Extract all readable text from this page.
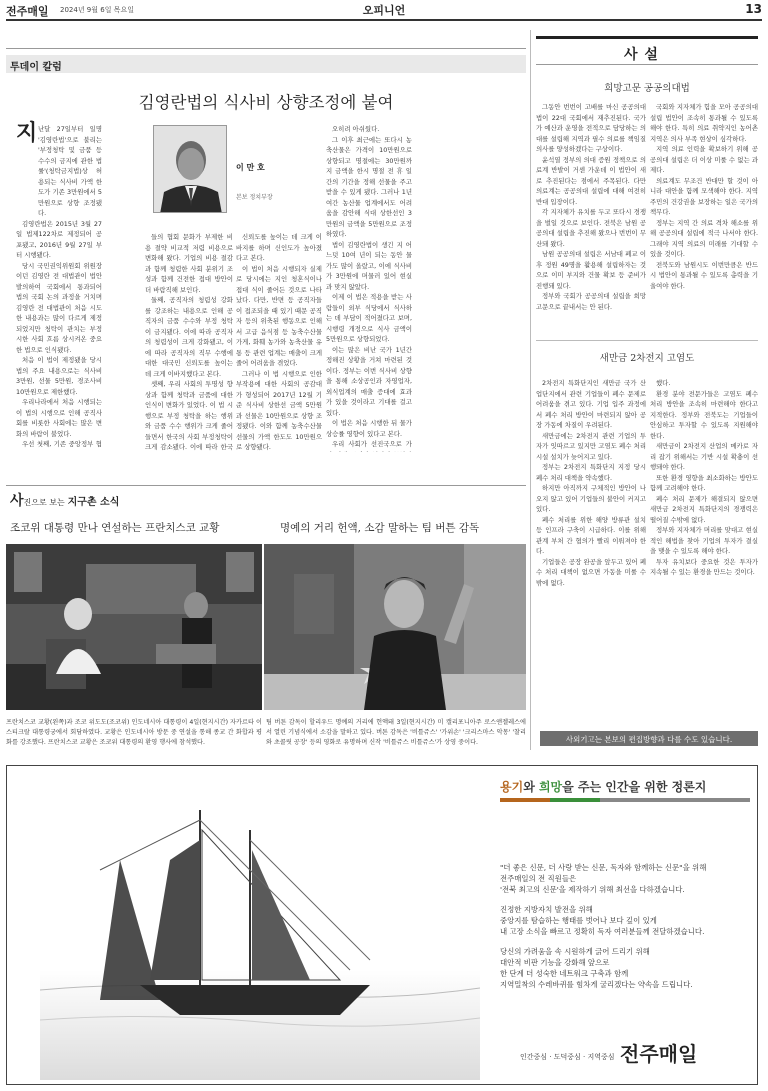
전주매일 2024년 9월 6일 목요일	오피니언	13
투데이 칼럼
김영란법의 식사비 상향조정에 붙여
지 난달 27일부터 일명 '김영란법'으로 불리는 '부정청탁 및 금품 등 수수의 금지에 관한 법률'(청탁금지법)상 허용되는 식사비 가액 한도가 기존 3만원에서 5만원으로 상향 조정됐다.

김영란법은 2015년 3월 27일 법제122차로 제정되어 공포됐고, 2016년 9월 27일 부터 시행됐다.

당시 국민권익위원회 위원장이던 김영란 전 대법관이 법안 발의하여 국회에서 통과되어 법의 국회 논의 과정을 거치며 김영란 전 대법관이 처음 시도한 내용과는 많이 다르게 제정되었지만 청탁이 관치는 부정시한 사회 흐름 상시켜온 중요한 법으로 인식됐다.

처음 이 법이 제정됐을 당시 법의 주요 내용으로는 식사비 3만원, 선물 5만원, 경조사비 10만원으로 제한했다.

우리나라에서 처음 시행되는 이 법의 시행으로 인해 공직사회를 비롯한 사회에는 많은 변화의 바람이 불었다.

우선 첫째, 기존 중앙정부 협

이 만 호
본보 정치부장

들의 협회 문화가 부제한 비용 절약 비교적 저렴 비용으로 변화해 왔다. 기업의 비용 절감과 함께 청렴한 사회 분위기 조성과 함께 건전한 접대 방안이 더 바람직해 보인다.

둘째, 공직자의 청렴성 강화를 강조하는 내용으로 인해 공직자의 금품 수수와 부정 청탁이 금지됐다. 이에 따라 공직자의 청렴성이 크게 강화됐고, 이에 따라 공직자의 직무 수행에 대한 대국민 신뢰도를 높이는 데 크게 이바지했다고 본다.

셋째, 우리 사회의 투명성 향상과 함께 청탁과 금품에 대한 인식이 변화가 있었다. 이 법 시행으로 부정 청탁을 하는 행위와 금품 수수 행위가 크게 줄어들면서 한국의 사회 부정청탁이 크게 감소됐다. 이에 따라 한국

신뢰도를 높이는 데 크게 이바지를 하며 신인도가 높아졌다고 본다.

이 법이 처음 시행되자 실제로 당시에는 지인 청혼식이나 접대 식이 줄어든 것으로 나타났다. 다만, 반면 등 공직자들이 접조되을 때 있기 때문 공직자 등의 위축된 행동으로 인해서 고급 음식점 등 농축수산물 가게, 화훼 농가와 농축산물 유통 등 관련 업계는 매출이 크게 줄어 어려움을 겪었다.

그러나 이 법 시행으로 인한 부작용에 대한 사회의 공감대가 형성되어 2017년 12월 기준 식사비 상한선 금액 5만원과 선물은 10만원으로 상향 조정됐다. 이와 함께 농축수산물 선물의 가액 한도도 10만원으로 상향됐다.

오히려 아쉬웠다.

그 이후 최근에는 또다시 농축산물은 가격이 10만원으로 상향되고 명절에는 30만원까지 금액을 한시 명절 전 휴 일간의 기간을 정해 선물을 주고받을 수 있게 됐다. 그러나 1년여간 농산물 업계에서도 어려움을 감안해 식대 상한선인 3만원의 금액을 5만원으로 조정하였다.

법이 김영란법이 생긴 지 어느덧 10여 년이 되는 동안 물가도 많이 올랐고, 이에 식사비가 3만원에 머물러 있어 현실과 맞지 않았다.

이제 이 법은 적용을 받는 사람들이 외부 식당에서 식사하는 데 부담이 적어졌다고 보며, 시행령 개정으로 식사 금액이 5만원으로 상향되었다.

이는 많은 비난 국가 1년간 정해진 상황을 거쳐 마련된 것이다. 정부는 이번 식사비 상향을 통해 소상공인과 자영업자, 외식업계의 매출 증대에 효과가 있을 것이라고 기대를 걸고 있다.

이 법은 처음 시행한 뒤 물가 상승률 영향이 있다고 본다.

우리 사회가 선진국으로 가

사진으로 보는 지구촌 소식
조코위 대통령 만나 연설하는 프란치스코 교황	명예의 거리 헌액, 소감 말하는 팀 버튼 감독
프란치스코 교황(왼쪽)과 조코 위도도(조코위) 인도네시아 대통령이 4일(현지시간) 자카르타 이스티크랄 대통령궁에서 회담하였다. 교황은 인도네시아 방문 중 연설을 통해 종교 간 화합과 평화를 강조했다. 프란치스코 교황은 조코위 대통령의 환영 행사에 참석했다.
팀 버튼 감독이 할리우드 명예의 거리에 헌액돼 3일(현지시간) 미 캘리포니아주 로스앤젤레스에서 열린 기념식에서 소감을 말하고 있다. 버튼 감독은 '비틀쥬스' '가위손' '크리스마스 악몽' '찰리와 초콜릿 공장' 등의 영화로 유명하며 신작 '비틀쥬스 비틀쥬스'가 상영 중이다.
사 설
희망고문 공공의대법

그동안 번번이 고배를 마신 공공의대법이 22대 국회에서 재추진된다. 국가가 예산과 운영을 전적으로 담당하는 의대를 설립해 지역과 필수 의료를 책임질 의사를 양성하겠다는 구상이다.

윤석열 정부의 의대 증원 정책으로 의료계 반발이 거센 가운데 이 법안이 새로 추진된다는 점에서 주목된다. 다만 의료계는 공공의대 설립에 대해 여전히 반대 입장이다.

각 지자체가 유치를 두고 또다시 경쟁을 벌일 것으로 보인다. 전북은 남원 공공의대 설립을 추진해 왔으나 번번이 무산돼 왔다.

남원 공공의대 설립은 서남대 폐교 이후 정원 49명을 활용해 설립하자는 것으로 이미 부지와 건물 확보 등 준비가 진행돼 있다.

정부와 국회가 공공의대 설립을 희망고문으로 끝내서는 안 된다.

국회와 지자체가 힘을 모아 공공의대 설립 법안이 조속히 통과될 수 있도록 해야 한다. 특히 의료 취약지인 농어촌 지역은 의사 부족 현상이 심각하다.

지역 의료 인력을 확보하기 위해 공공의대 설립은 더 이상 미룰 수 없는 과제다.

의료계도 무조건 반대만 할 것이 아니라 대안을 함께 모색해야 한다. 지역 주민의 건강권을 보장하는 일은 국가의 책무다.

정부는 지역 간 의료 격차 해소를 위해 공공의대 설립에 적극 나서야 한다. 그래야 지역 의료의 미래를 기대할 수 있을 것이다.

전북도와 남원시도 이번만큼은 반드시 법안이 통과될 수 있도록 총력을 기울여야 한다.

새만금 2차전지 고염도

2차전지 특화단지인 새만금 국가 산업단지에서 관련 기업들이 폐수 문제로 어려움을 겪고 있다. 기업 입주 과정에서 폐수 처리 방안이 마련되지 않아 공장 가동에 차질이 우려된다.

새만금에는 2차전지 관련 기업의 투자가 잇따르고 있지만 고염도 폐수 처리 시설 설치가 늦어지고 있다.

정부는 2차전지 특화단지 지정 당시 폐수 처리 대책을 약속했다.

하지만 아직까지 구체적인 방안이 나오지 않고 있어 기업들의 불안이 커지고 있다.

폐수 처리를 위한 해양 방류관 설치 등 인프라 구축이 시급하다. 이를 위해 관계 부처 간 협의가 빨리 이뤄져야 한다.

기업들은 공장 완공을 앞두고 있어 폐수 처리 대책이 없으면 가동을 미룰 수밖에 없다.

했다.

환경 분야 전문가들은 고염도 폐수 처리 방안을 조속히 마련해야 한다고 지적한다. 정부와 전북도는 기업들이 안심하고 투자할 수 있도록 지원해야 한다.

새만금이 2차전지 산업의 메카로 자리 잡기 위해서는 기반 시설 확충이 선행돼야 한다.

또한 환경 영향을 최소화하는 방안도 함께 고려해야 한다.

폐수 처리 문제가 해결되지 않으면 새만금 2차전지 특화단지의 경쟁력은 떨어질 수밖에 없다.

정부와 지자체가 머리를 맞대고 현실적인 해법을 찾아 기업의 투자가 결실을 맺을 수 있도록 해야 한다.

투자 유치보다 중요한 것은 투자가 지속될 수 있는 환경을 만드는 것이다.

사외기고는 본보의 편집방향과 다를 수도 있습니다.
용기와 희망을 주는 인간을 위한 정론지
"더 좋은 신문, 더 사랑 받는 신문, 독자와 함께하는 신문"을 위해
전주매일의 전 직원들은
'전북 최고의 신문'을 제작하기 위해 최선을 다하겠습니다.
진정한 지방자치 발전을 위해
중앙지를 탐습하는 행태를 벗어나 보다 깊이 있게
내 고장 소식을 빠르고 정확히 독자 여러분들께 전달하겠습니다.
당신의 가려움을 속 시원하게 긁어 드리기 위해
대안적 비판 기능을 강화해 앞으로
한 단계 더 성숙한 네트워크 구축과 함께
지역밀착의 수레바퀴를 힘차게 굴리겠다는 약속을 드립니다.
인간중심 · 도덕중심 · 지역중심 전주매일
